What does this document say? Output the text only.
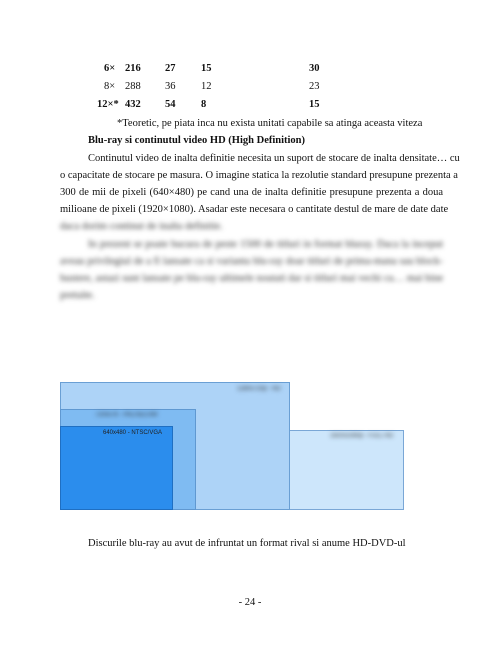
6× 216 27 15	30
8× 288 36 12	23
12×* 432 54 8	15
*Teoretic, pe piata inca nu exista unitati capabile sa atinga aceasta viteza
Blu-ray si continutul video HD (High Definition)
Continutul video de inalta definitie necesita un suport de stocare de inalta densitate… cu
o capacitate de stocare pe masura. O imagine statica la rezolutie standard presupune prezenta a
300 de mii de pixeli (640×480) pe cand una de inalta definitie presupune prezenta a doua
milioane de pixeli (1920×1080). Asadar este necesara o cantitate destul de mare de date date
daca dorim continut de inalta definitie.
In prezent se poate bucura de peste 1500 de titluri in format bluray. Daca la inceput
aveau privilegiul de a fi lansate ca si varianta blu-ray doar titluri de prima-mana sau block-
bustere, astazi sunt lansate pe blu-ray ultimele noutati dar si titluri mai vechi cu… mai bine
pretuite.
1920x1080p - FULL HD
1280x720p - HD
720x576 - PAL/SECAM
640x480 - NTSC/VGA
Discurile blu-ray au avut de infruntat un format rival si anume HD-DVD-ul
- 24 -
